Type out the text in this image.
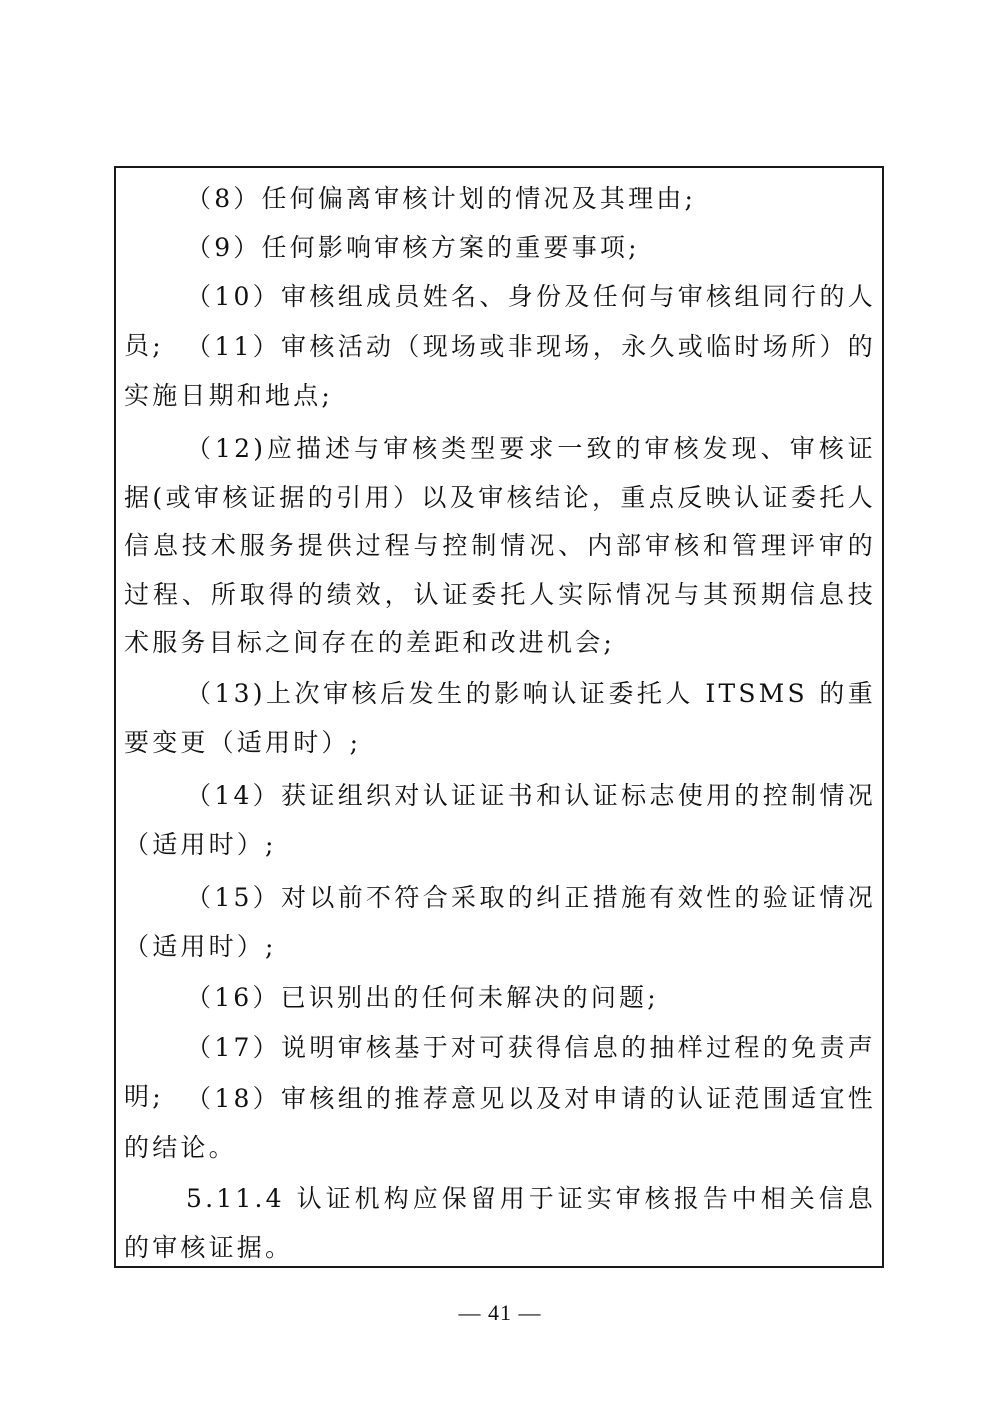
（8）任何偏离审核计划的情况及其理由;

（9）任何影响审核方案的重要事项;

（10）审核组成员姓名、身份及任何与审核组同行的人员; （11）审核活动（现场或非现场，永久或临时场所）的实施日期和地点;

（12)应描述与审核类型要求一致的审核发现、审核证据(或审核证据的引用）以及审核结论，重点反映认证委托人信息技术服务提供过程与控制情况、内部审核和管理评审的过程、所取得的绩效，认证委托人实际情况与其预期信息技术服务目标之间存在的差距和改进机会;

（13)上次审核后发生的影响认证委托人 ITSMS 的重要变更（适用时）;

（14）获证组织对认证证书和认证标志使用的控制情况（适用时）;

（15）对以前不符合采取的纠正措施有效性的验证情况（适用时）;

（16）已识别出的任何未解决的问题;

（17）说明审核基于对可获得信息的抽样过程的免责声明; （18）审核组的推荐意见以及对申请的认证范围适宜性的结论。

5.11.4 认证机构应保留用于证实审核报告中相关信息的审核证据。

— 41 —
